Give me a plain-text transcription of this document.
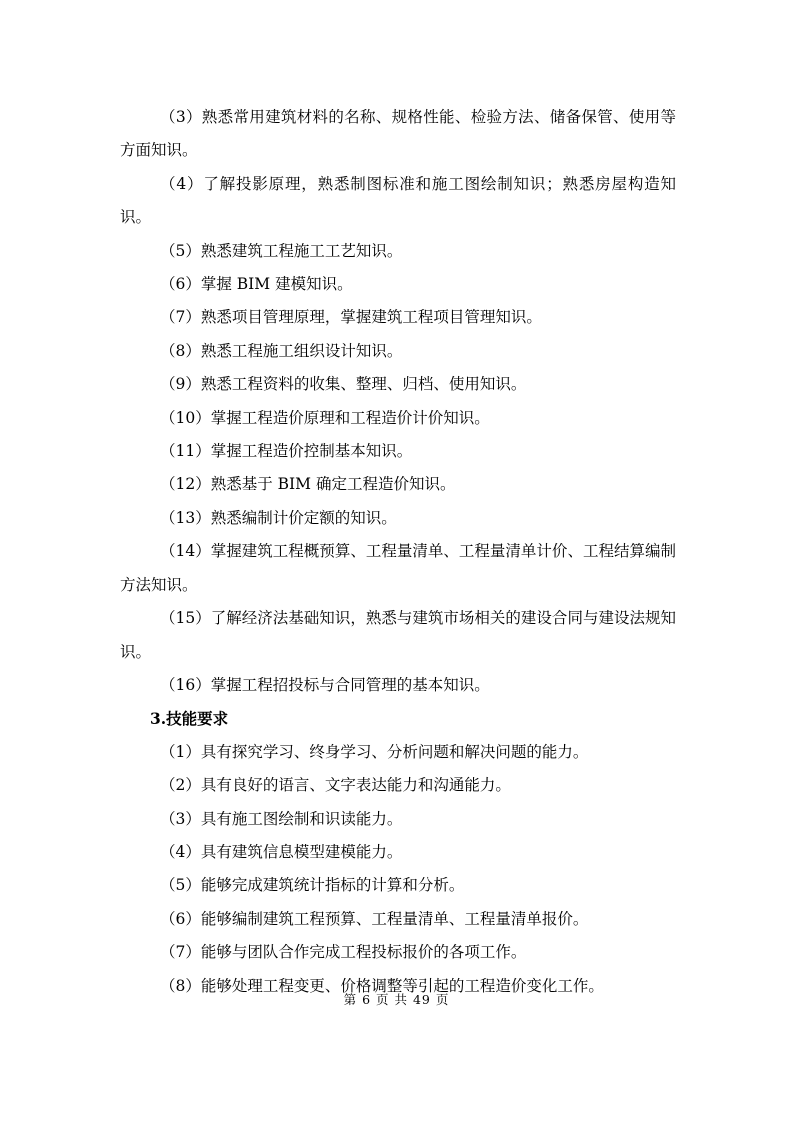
（3）熟悉常用建筑材料的名称、规格性能、检验方法、储备保管、使用等方面知识。

（4）了解投影原理，熟悉制图标准和施工图绘制知识；熟悉房屋构造知识。

（5）熟悉建筑工程施工工艺知识。

（6）掌握 BIM 建模知识。

（7）熟悉项目管理原理，掌握建筑工程项目管理知识。

（8）熟悉工程施工组织设计知识。

（9）熟悉工程资料的收集、整理、归档、使用知识。

（10）掌握工程造价原理和工程造价计价知识。

（11）掌握工程造价控制基本知识。

（12）熟悉基于 BIM 确定工程造价知识。

（13）熟悉编制计价定额的知识。

（14）掌握建筑工程概预算、工程量清单、工程量清单计价、工程结算编制方法知识。

（15）了解经济法基础知识，熟悉与建筑市场相关的建设合同与建设法规知识。

（16）掌握工程招投标与合同管理的基本知识。

3.技能要求

（1）具有探究学习、终身学习、分析问题和解决问题的能力。

（2）具有良好的语言、文字表达能力和沟通能力。

（3）具有施工图绘制和识读能力。

（4）具有建筑信息模型建模能力。

（5）能够完成建筑统计指标的计算和分析。

（6）能够编制建筑工程预算、工程量清单、工程量清单报价。

（7）能够与团队合作完成工程投标报价的各项工作。

（8）能够处理工程变更、价格调整等引起的工程造价变化工作。

第 6 页 共 49 页
